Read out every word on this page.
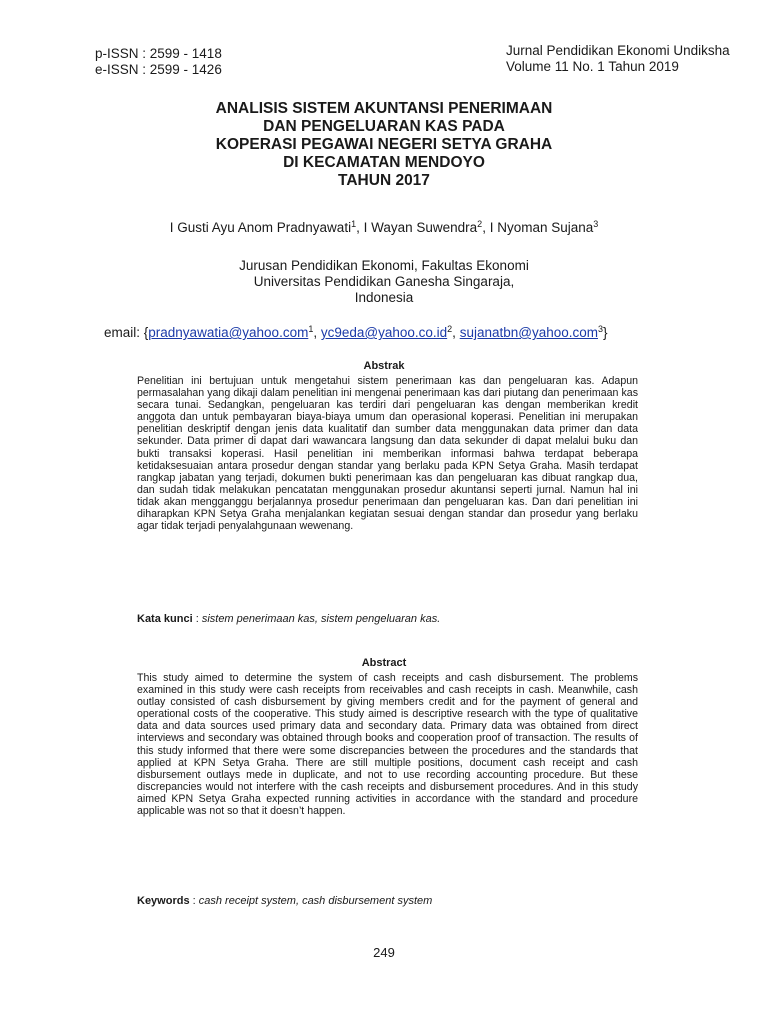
p-ISSN : 2599 - 1418
e-ISSN : 2599 - 1426
Jurnal Pendidikan Ekonomi Undiksha
Volume 11 No. 1 Tahun 2019
ANALISIS SISTEM AKUNTANSI PENERIMAAN
DAN PENGELUARAN KAS PADA
KOPERASI PEGAWAI NEGERI SETYA GRAHA
DI KECAMATAN MENDOYO
TAHUN 2017
I Gusti Ayu Anom Pradnyawati$^1$, I Wayan Suwendra$^2$, I Nyoman Sujana$^3$
Jurusan Pendidikan Ekonomi, Fakultas Ekonomi
Universitas Pendidikan Ganesha Singaraja,
Indonesia
email: {pradnyawatia@yahoo.com$^1$, $yc9eda@yahoo.co.id^2$, sujanatbn@yahoo.com$^3$}
Abstrak
Penelitian ini bertujuan untuk mengetahui sistem penerimaan kas dan pengeluaran kas. Adapun permasalahan yang dikaji dalam penelitian ini mengenai penerimaan kas dari piutang dan penerimaan kas secara tunai. Sedangkan, pengeluaran kas terdiri dari pengeluaran kas dengan memberikan kredit anggota dan untuk pembayaran biaya-biaya umum dan operasional koperasi. Penelitian ini merupakan penelitian deskriptif dengan jenis data kualitatif dan sumber data menggunakan data primer dan data sekunder. Data primer di dapat dari wawancara langsung dan data sekunder di dapat melalui buku dan bukti transaksi koperasi. Hasil penelitian ini memberikan informasi bahwa terdapat beberapa ketidaksesuaian antara prosedur dengan standar yang berlaku pada KPN Setya Graha. Masih terdapat rangkap jabatan yang terjadi, dokumen bukti penerimaan kas dan pengeluaran kas dibuat rangkap dua, dan sudah tidak melakukan pencatatan menggunakan prosedur akuntansi seperti jurnal. Namun hal ini tidak akan mengganggu berjalannya prosedur penerimaan dan pengeluaran kas. Dan dari penelitian ini diharapkan KPN Setya Graha menjalankan kegiatan sesuai dengan standar dan prosedur yang berlaku agar tidak terjadi penyalahgunaan wewenang.
Kata kunci : sistem penerimaan kas, sistem pengeluaran kas.
Abstract
This study aimed to determine the system of cash receipts and cash disbursement. The problems examined in this study were cash receipts from receivables and cash receipts in cash. Meanwhile, cash outlay consisted of cash disbursement by giving members credit and for the payment of general and operational costs of the cooperative. This study aimed is descriptive research with the type of qualitative data and data sources used primary data and secondary data. Primary data was obtained from direct interviews and secondary was obtained through books and cooperation proof of transaction. The results of this study informed that there were some discrepancies between the procedures and the standards that applied at KPN Setya Graha. There are still multiple positions, document cash receipt and cash disbursement outlays mede in duplicate, and not to use recording accounting procedure. But these discrepancies would not interfere with the cash receipts and disbursement procedures. And in this study aimed KPN Setya Graha expected running activities in accordance with the standard and procedure applicable was not so that it doesn’t happen.
Keywords : cash receipt system, cash disbursement system
249
